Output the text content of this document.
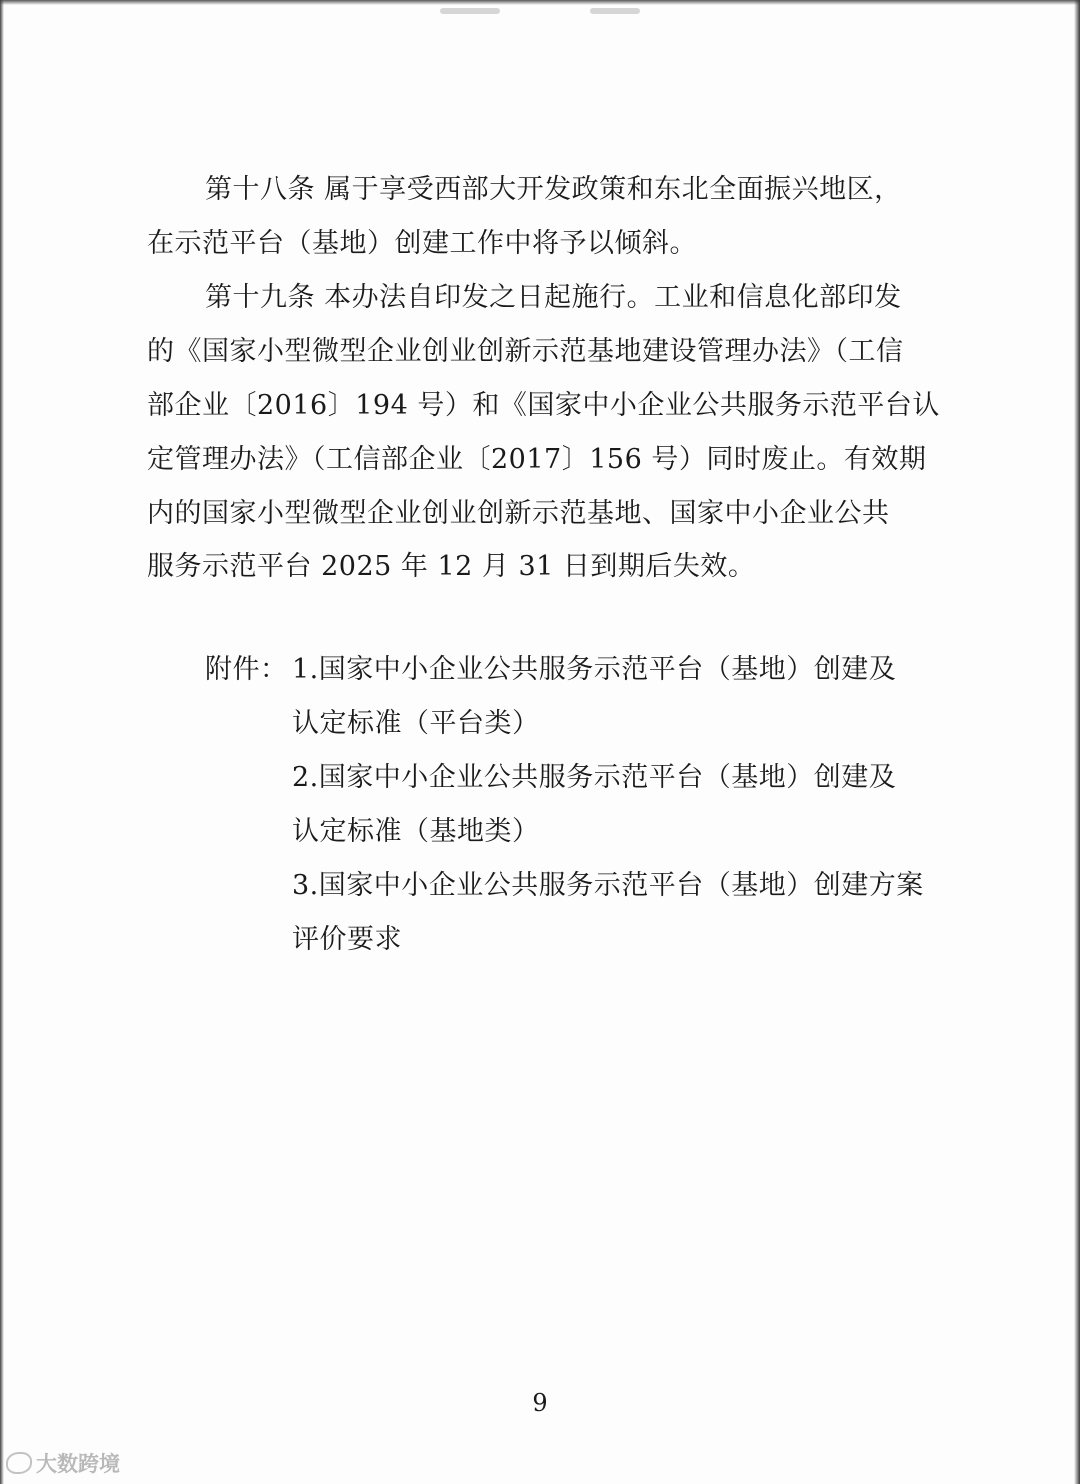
第十八条 属于享受西部大开发政策和东北全面振兴地区，
在示范平台（基地）创建工作中将予以倾斜。
第十九条 本办法自印发之日起施行。工业和信息化部印发
的《国家小型微型企业创业创新示范基地建设管理办法》（工信
部企业〔2016〕194 号）和《国家中小企业公共服务示范平台认
定管理办法》（工信部企业〔2017〕156 号）同时废止。有效期
内的国家小型微型企业创业创新示范基地、国家中小企业公共
服务示范平台 2025 年 12 月 31 日到期后失效。
附件： 1.国家中小企业公共服务示范平台（基地）创建及
认定标准（平台类）
2.国家中小企业公共服务示范平台（基地）创建及
认定标准（基地类）
3.国家中小企业公共服务示范平台（基地）创建方案
评价要求
9
大数跨境
